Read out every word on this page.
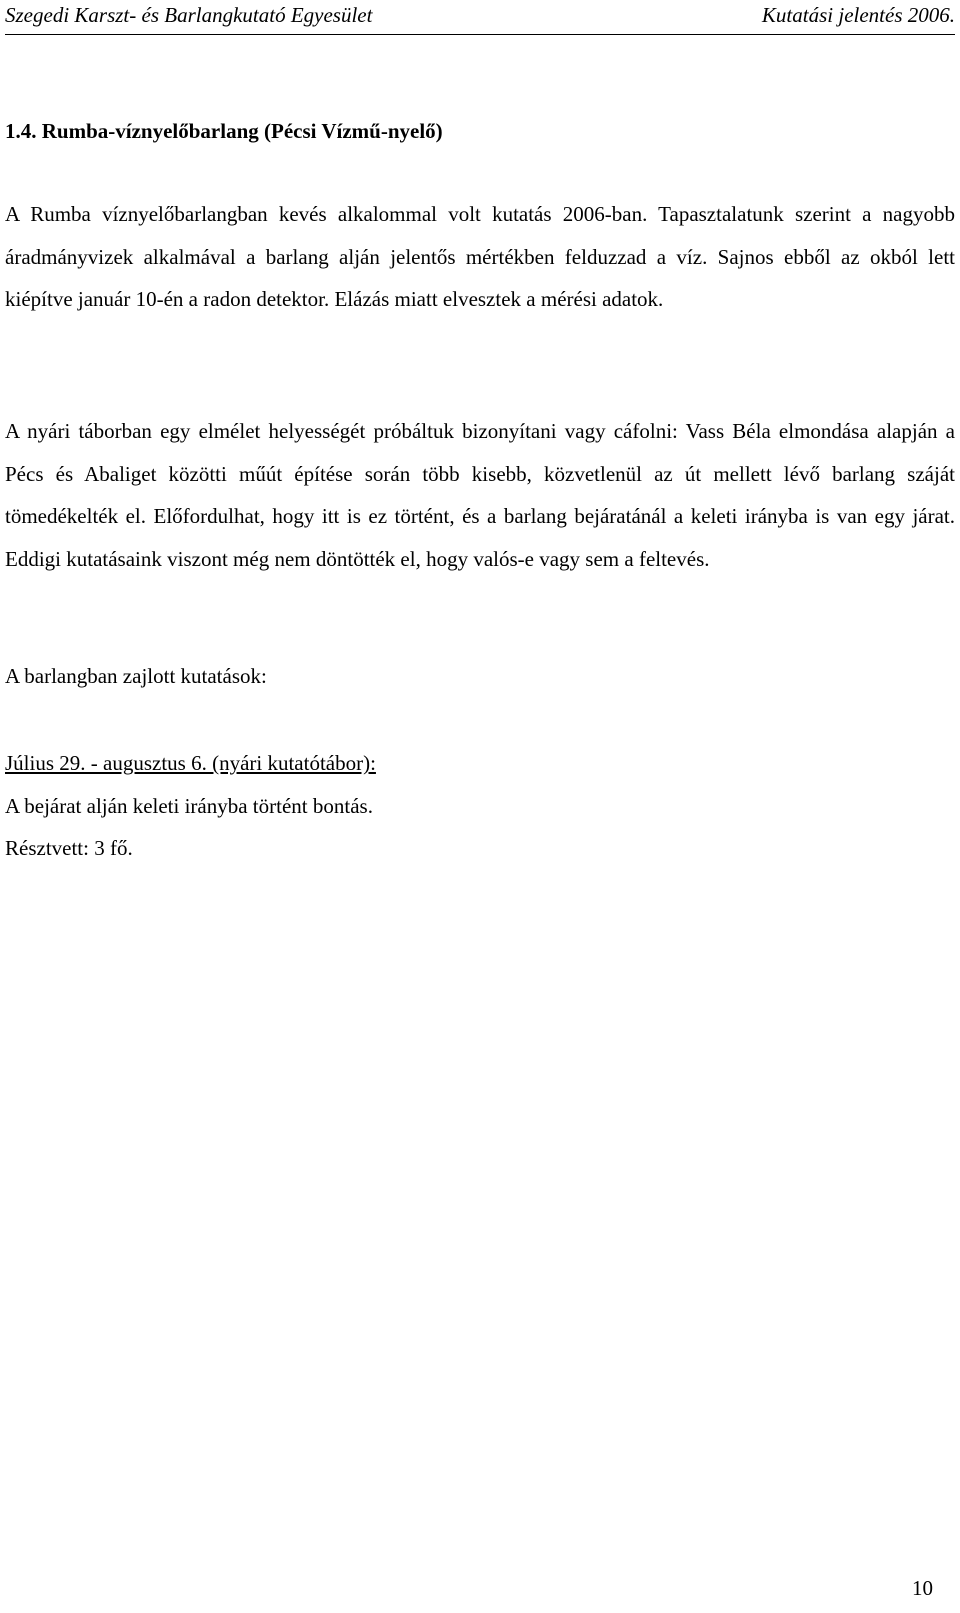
Szegedi Karszt- és Barlangkutató Egyesület	Kutatási jelentés 2006.
1.4. Rumba-víznyelőbarlang (Pécsi Vízmű-nyelő)

A Rumba víznyelőbarlangban kevés alkalommal volt kutatás 2006-ban. Tapasztalatunk szerint a nagyobb áradmányvizek alkalmával a barlang alján jelentős mértékben felduzzad a víz. Sajnos ebből az okból lett kiépítve január 10-én a radon detektor. Elázás miatt elvesztek a mérési adatok.

A nyári táborban egy elmélet helyességét próbáltuk bizonyítani vagy cáfolni: Vass Béla elmondása alapján a Pécs és Abaliget közötti műút építése során több kisebb, közvetlenül az út mellett lévő barlang száját tömedékelték el. Előfordulhat, hogy itt is ez történt, és a barlang bejáratánál a keleti irányba is van egy járat. Eddigi kutatásaink viszont még nem döntötték el, hogy valós-e vagy sem a feltevés.

A barlangban zajlott kutatások:

Július 29. - augusztus 6. (nyári kutatótábor):
A bejárat alján keleti irányba történt bontás.
Résztvett: 3 fő.
10
